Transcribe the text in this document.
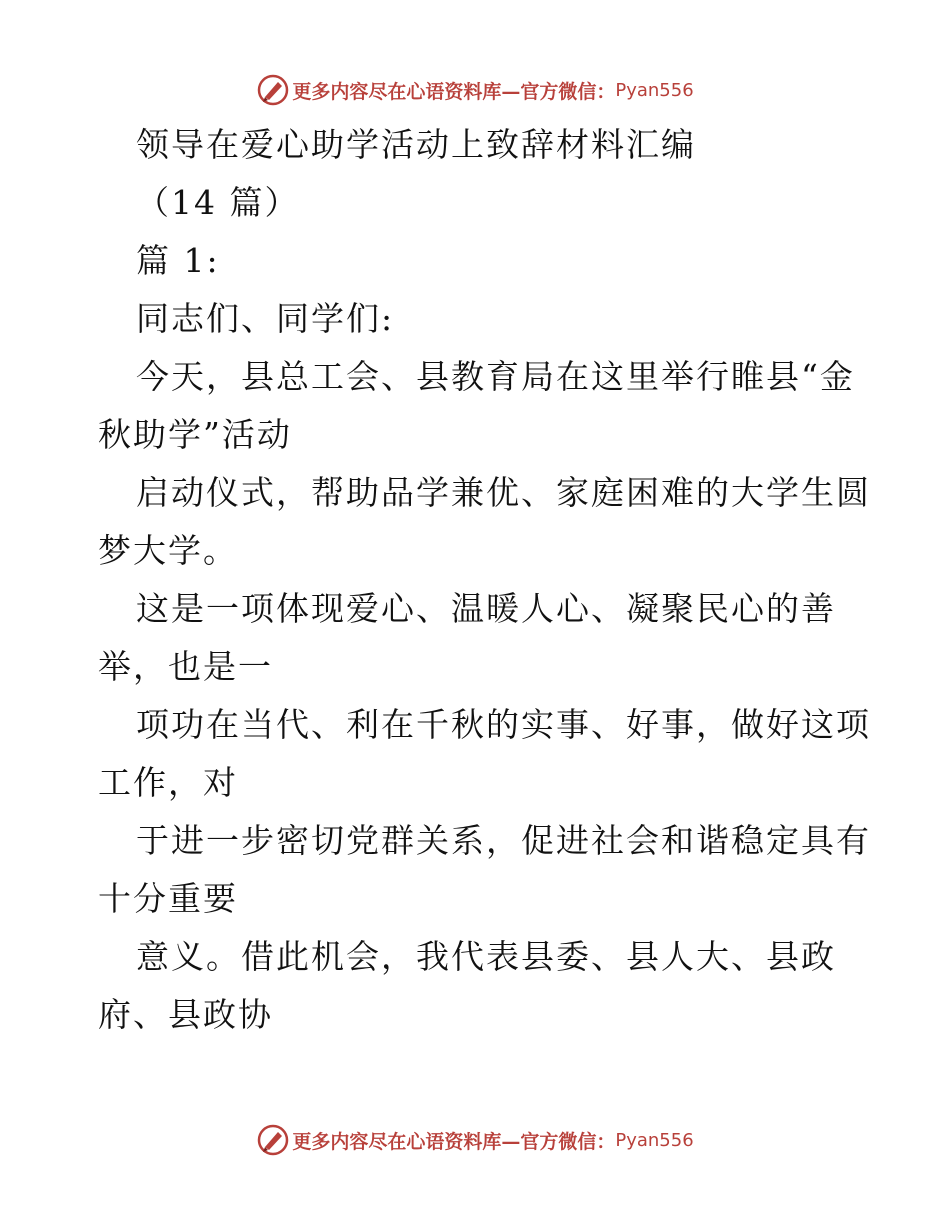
更多内容尽在心语资料库—官方微信： Pyan556

领导在爱心助学活动上致辞材料汇编

（14 篇）

篇 1:

同志们、同学们:

今天，县总工会、县教育局在这里举行睢县“金

秋助学”活动

启动仪式，帮助品学兼优、家庭困难的大学生圆

梦大学。

这是一项体现爱心、温暖人心、凝聚民心的善

举，也是一

项功在当代、利在千秋的实事、好事，做好这项

工作，对

于进一步密切党群关系，促进社会和谐稳定具有

十分重要

意义。借此机会，我代表县委、县人大、县政

府、县政协

更多内容尽在心语资料库—官方微信： Pyan556
